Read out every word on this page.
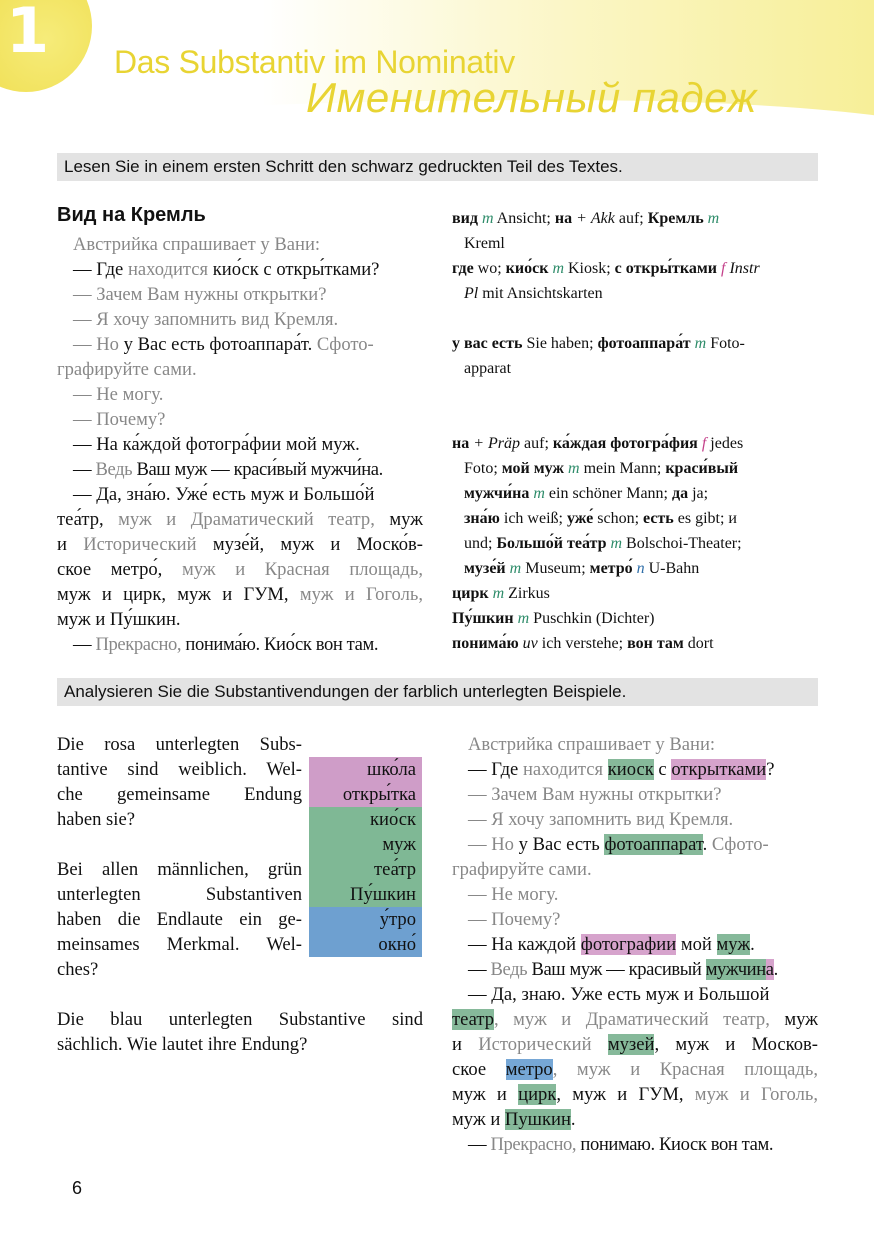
1 Das Substantiv im Nominativ
Именительный падеж
Lesen Sie in einem ersten Schritt den schwarz gedruckten Teil des Textes.
Вид на Кремль
Австрийка спрашивает у Вани:
— Где находится кио́ск с откры́тками?
— Зачем Вам нужны открытки?
— Я хочу запомнить вид Кремля.
— Но у Вас есть фотоаппара́т. Сфото-
графируйте сами.
— Не могу.
— Почему?
— На ка́ждой фотогра́фии мой муж.
— Ведь Ваш муж — краси́вый мужчи́на.
— Да, зна́ю. Уже́ есть муж и Большо́й
теа́тр, муж и Драматический театр, муж
и Исторический музе́й, муж и Моско́в-
ское метро́, муж и Красная площадь,
муж и цирк, муж и ГУМ, муж и Гоголь,
муж и Пу́шкин.
— Прекрасно, понима́ю. Кио́ск вон там.
вид m Ansicht; на + Akk auf; Кремль m
Kreml
где wo; кио́ск m Kiosk; с откры́тками f Instr
Pl mit Ansichtskarten
у вас есть Sie haben; фотоаппара́т m Foto-
apparat
на + Präp auf; ка́ждая фотогра́фия f jedes
Foto; мой муж m mein Mann; краси́вый
мужчи́на m ein schöner Mann; да ja;
зна́ю ich weiß; уже́ schon; есть es gibt; и
und; Большо́й теа́тр m Bolschoi-Theater;
музе́й m Museum; метро́ n U-Bahn
цирк m Zirkus
Пу́шкин m Puschkin (Dichter)
понима́ю uv ich verstehe; вон там dort
Analysieren Sie die Substantivendungen der farblich unterlegten Beispiele.
Die rosa unterlegten Subs-
tantive sind weiblich. Wel-
che gemeinsame Endung
haben sie?
Bei allen männlichen, grün
unterlegten Substantiven
haben die Endlaute ein ge-
meinsames Merkmal. Wel-
ches?
Die blau unterlegten Substantive sind
sächlich. Wie lautet ihre Endung?
шко́ла
откры́тка
кио́ск
муж
теа́тр
Пу́шкин
у́тро
окно́
Австрийка спрашивает у Вани:
— Где находится киоск с открытками?
— Зачем Вам нужны открытки?
— Я хочу запомнить вид Кремля.
— Но у Вас есть фотоаппарат. Сфото-
графируйте сами.
— Не могу.
— Почему?
— На каждой фотографии мой муж.
— Ведь Ваш муж — красивый мужчина.
— Да, знаю. Уже есть муж и Большой
театр, муж и Драматический театр, муж
и Исторический музей, муж и Москов-
ское метро, муж и Красная площадь,
муж и цирк, муж и ГУМ, муж и Гоголь,
муж и Пушкин.
— Прекрасно, понимаю. Киоск вон там.
6
